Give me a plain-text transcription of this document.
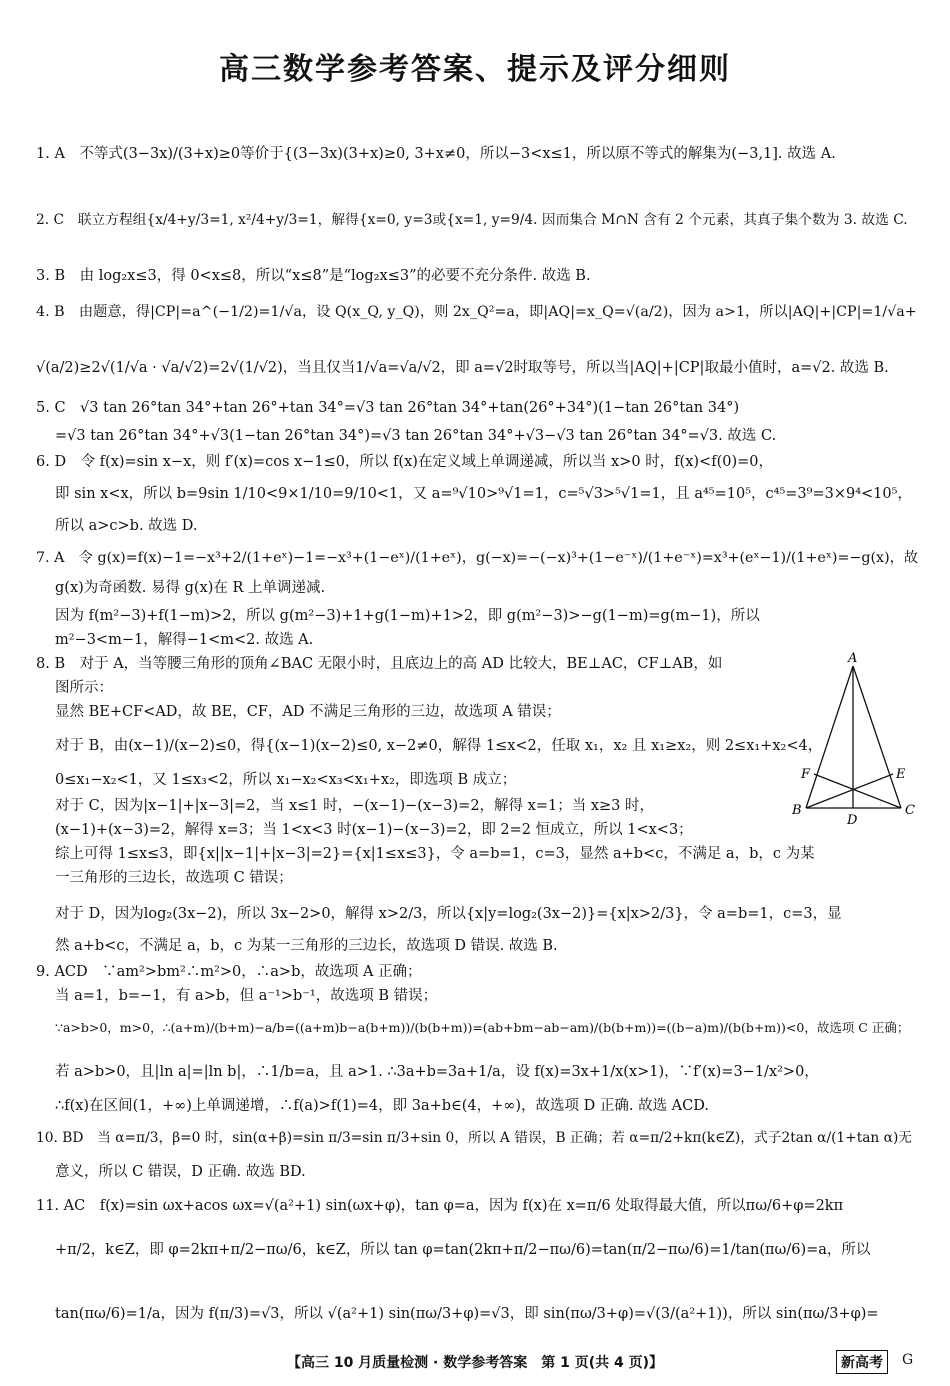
高三数学参考答案、提示及评分细则
1. A　不等式(3−3x)/(3+x)≥0等价于{(3−3x)(3+x)≥0, 3+x≠0，所以−3<x≤1，所以原不等式的解集为(−3,1]. 故选 A.
2. C　联立方程组{x/4+y/3=1, x²/4+y/3=1，解得{x=0, y=3或{x=1, y=9/4. 因而集合 M∩N 含有 2 个元素，其真子集个数为 3. 故选 C.
3. B　由 log₂x≤3，得 0<x≤8，所以“x≤8”是“log₂x≤3”的必要不充分条件. 故选 B.
4. B　由题意，得|CP|=a^(−1/2)=1/√a，设 Q(x_Q, y_Q)，则 2x_Q²=a，即|AQ|=x_Q=√(a/2)，因为 a>1，所以|AQ|+|CP|=1/√a+
√(a/2)≥2√(1/√a · √a/√2)=2√(1/√2)，当且仅当1/√a=√a/√2，即 a=√2时取等号，所以当|AQ|+|CP|取最小值时，a=√2. 故选 B.
5. C　√3 tan 26°tan 34°+tan 26°+tan 34°=√3 tan 26°tan 34°+tan(26°+34°)(1−tan 26°tan 34°)
=√3 tan 26°tan 34°+√3(1−tan 26°tan 34°)=√3 tan 26°tan 34°+√3−√3 tan 26°tan 34°=√3. 故选 C.
6. D　令 f(x)=sin x−x，则 f′(x)=cos x−1≤0，所以 f(x)在定义域上单调递减，所以当 x>0 时，f(x)<f(0)=0，
即 sin x<x，所以 b=9sin 1/10<9×1/10=9/10<1，又 a=⁹√10>⁹√1=1，c=⁵√3>⁵√1=1，且 a⁴⁵=10⁵，c⁴⁵=3⁹=3×9⁴<10⁵，
所以 a>c>b. 故选 D.
7. A　令 g(x)=f(x)−1=−x³+2/(1+eˣ)−1=−x³+(1−eˣ)/(1+eˣ)，g(−x)=−(−x)³+(1−e⁻ˣ)/(1+e⁻ˣ)=x³+(eˣ−1)/(1+eˣ)=−g(x)，故
g(x)为奇函数. 易得 g(x)在 R 上单调递减.
因为 f(m²−3)+f(1−m)>2，所以 g(m²−3)+1+g(1−m)+1>2，即 g(m²−3)>−g(1−m)=g(m−1)，所以
m²−3<m−1，解得−1<m<2. 故选 A.
8. B　对于 A，当等腰三角形的顶角∠BAC 无限小时，且底边上的高 AD 比较大，BE⊥AC，CF⊥AB，如
图所示：
显然 BE+CF<AD，故 BE，CF，AD 不满足三角形的三边，故选项 A 错误；
对于 B，由(x−1)/(x−2)≤0，得{(x−1)(x−2)≤0, x−2≠0，解得 1≤x<2，任取 x₁，x₂ 且 x₁≥x₂，则 2≤x₁+x₂<4，
0≤x₁−x₂<1，又 1≤x₃<2，所以 x₁−x₂<x₃<x₁+x₂，即选项 B 成立；
对于 C，因为|x−1|+|x−3|=2，当 x≤1 时，−(x−1)−(x−3)=2，解得 x=1；当 x≥3 时，
(x−1)+(x−3)=2，解得 x=3；当 1<x<3 时(x−1)−(x−3)=2，即 2=2 恒成立，所以 1<x<3；
综上可得 1≤x≤3，即{x||x−1|+|x−3|=2}={x|1≤x≤3}，令 a=b=1，c=3，显然 a+b<c，不满足 a，b，c 为某
一三角形的三边长，故选项 C 错误；
对于 D，因为log₂(3x−2)，所以 3x−2>0，解得 x>2/3，所以{x|y=log₂(3x−2)}={x|x>2/3}，令 a=b=1，c=3，显
然 a+b<c，不满足 a，b，c 为某一三角形的三边长，故选项 D 错误. 故选 B.
9. ACD　∵am²>bm²∴m²>0，∴a>b，故选项 A 正确；
当 a=1，b=−1，有 a>b，但 a⁻¹>b⁻¹，故选项 B 错误；
∵a>b>0，m>0，∴(a+m)/(b+m)−a/b=((a+m)b−a(b+m))/(b(b+m))=(ab+bm−ab−am)/(b(b+m))=((b−a)m)/(b(b+m))<0，故选项 C 正确；
若 a>b>0，且|ln a|=|ln b|，∴1/b=a，且 a>1. ∴3a+b=3a+1/a，设 f(x)=3x+1/x(x>1)，∵f′(x)=3−1/x²>0，
∴f(x)在区间(1，+∞)上单调递增，∴f(a)>f(1)=4，即 3a+b∈(4，+∞)，故选项 D 正确. 故选 ACD.
10. BD　当 α=π/3，β=0 时，sin(α+β)=sin π/3=sin π/3+sin 0，所以 A 错误，B 正确；若 α=π/2+kπ(k∈Z)，式子2tan α/(1+tan α)无
意义，所以 C 错误，D 正确. 故选 BD.
11. AC　f(x)=sin ωx+acos ωx=√(a²+1) sin(ωx+φ)，tan φ=a，因为 f(x)在 x=π/6 处取得最大值，所以πω/6+φ=2kπ
+π/2，k∈Z，即 φ=2kπ+π/2−πω/6，k∈Z，所以 tan φ=tan(2kπ+π/2−πω/6)=tan(π/2−πω/6)=1/tan(πω/6)=a，所以
tan(πω/6)=1/a，因为 f(π/3)=√3，所以 √(a²+1) sin(πω/3+φ)=√3，即 sin(πω/3+φ)=√(3/(a²+1))，所以 sin(πω/3+φ)=
A
B	C
D
E
F
【高三 10 月质量检测 · 数学参考答案　第 1 页(共 4 页)】	新高考	G
